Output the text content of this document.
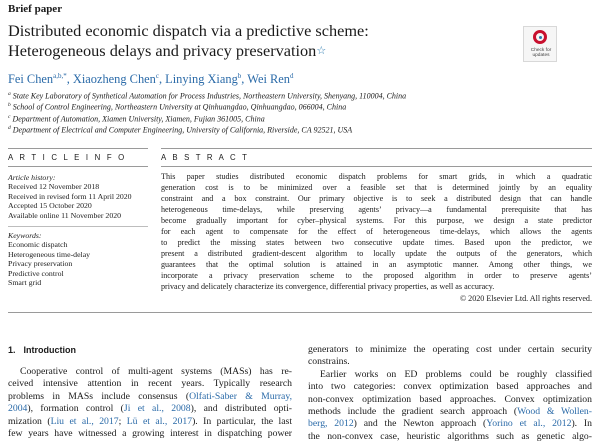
Brief paper
Distributed economic dispatch via a predictive scheme:
Heterogeneous delays and privacy preservation☆	Check for
updates
Fei Chen$^{a,b,*}$, Xiaozheng Chen$^c$, Linying Xiang$^b$, Wei Ren$^d$
$^a$ State Key Laboratory of Synthetical Automation for Process Industries, Northeastern University, Shenyang, 110004, China
$^b$ School of Control Engineering, Northeastern University at Qinhuangdao, Qinhuangdao, 066004, China
$^c$ Department of Automation, Xiamen University, Xiamen, Fujian 361005, China
$^d$ Department of Electrical and Computer Engineering, University of California, Riverside, CA 92521, USA
A R T I C L E I N F O	A B S T R A C T
Article history:
Received 12 November 2018
Received in revised form 11 April 2020
Accepted 15 October 2020
Available online 11 November 2020
Keywords:
Economic dispatch
Heterogeneous time-delay
Privacy preservation
Predictive control
Smart grid
This paper studies distributed economic dispatch problems for smart grids, in which a quadratic
generation cost is to be minimized over a feasible set that is determined jointly by an equality
constraint and a box constraint. Our primary objective is to seek a distributed design that can handle
heterogeneous time-delays, while preserving agents’ privacy—a fundamental prerequisite that has
become gradually important for cyber–physical systems. For this purpose, we design a state predictor
for each agent to compensate for the effect of heterogeneous time-delays, which allows the agents
to predict the missing states between two consecutive update times. Based upon the predictor, we
present a distributed gradient-descent algorithm to locally update the outputs of the generators, which
guarantees that the optimal solution is attained in an asymptotic manner. Among other things, we
incorporate a privacy preservation scheme to the proposed algorithm in order to preserve agents’
privacy and delicately characterize its convergence, differential privacy properties, as well as accuracy.
© 2020 Elsevier Ltd. All rights reserved.
1. Introduction
Cooperative control of multi-agent systems (MASs) has re-
ceived intensive attention in recent years. Typically research
problems in MASs include consensus (Olfati-Saber & Murray,
2004), formation control (Ji et al., 2008), and distributed opti-
mization (Liu et al., 2017; Lü et al., 2017). In particular, the last
few years have witnessed a growing interest in dispatching power
generators to minimize the operating cost under certain security
constrains.
Earlier works on ED problems could be roughly classified
into two categories: convex optimization based approaches and
non-convex optimization based approaches. Convex optimization
methods include the gradient search approach (Wood & Wollen-
berg, 2012) and the Newton approach (Yorino et al., 2012). In
the non-convex case, heuristic algorithms such as genetic algo-
